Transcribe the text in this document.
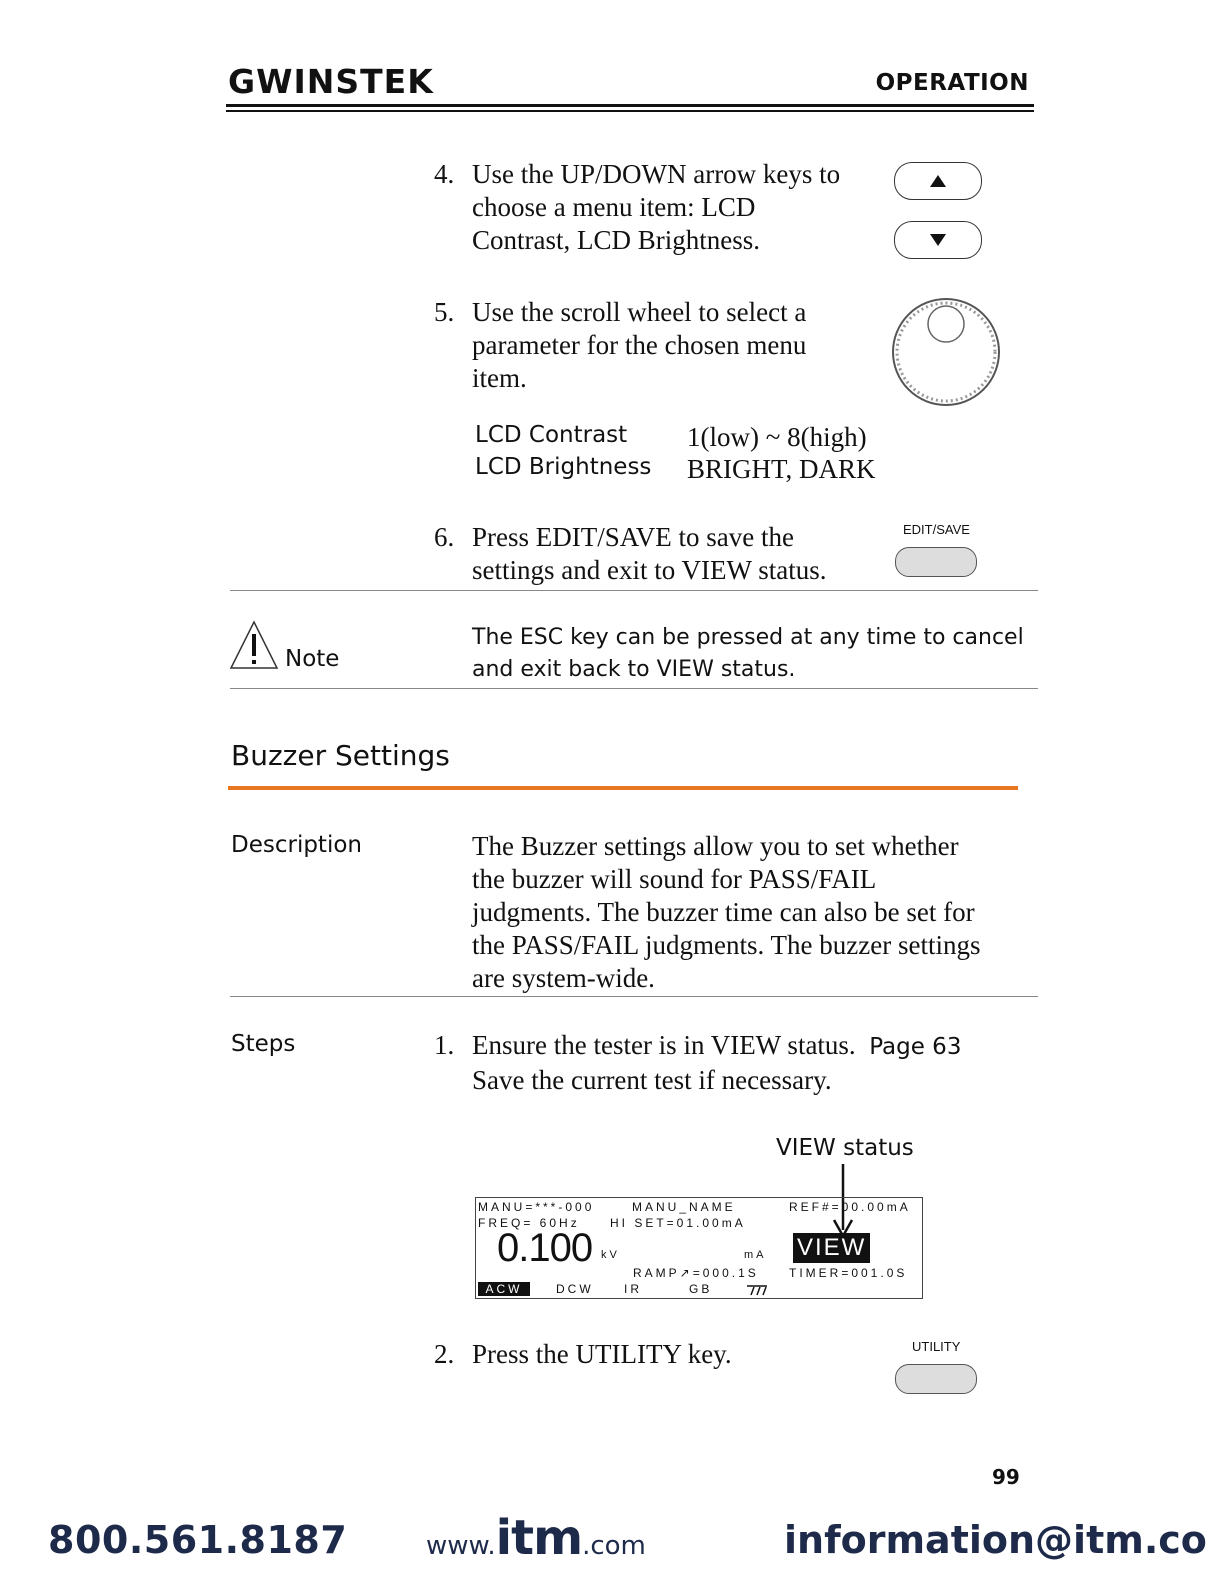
GWINSTEK	OPERATION
4. Use the UP/DOWN arrow keys to
choose a menu item: LCD
Contrast, LCD Brightness.
5. Use the scroll wheel to select a
parameter for the chosen menu
item.
LCD Contrast 1(low) ~ 8(high)
LCD Brightness BRIGHT, DARK
6. Press EDIT/SAVE to save the
settings and exit to VIEW status.
EDIT/SAVE
Note
The ESC key can be pressed at any time to cancel
and exit back to VIEW status.
Buzzer Settings
Description	The Buzzer settings allow you to set whether
the buzzer will sound for PASS/FAIL
judgments. The buzzer time can also be set for
the PASS/FAIL judgments. The buzzer settings
are system-wide.
Steps	1. Ensure the tester is in VIEW status. Page 63
Save the current test if necessary.
VIEW status
MANU=***-000	MANU_NAME	REF#=00.00mA
FREQ= 60Hz	HI SET=01.00mA
0.100 kV	mA VIEW
RAMP↗=000.1S	TIMER=001.0S
ACW	DCW	IR	GB
2. Press the UTILITY key.	UTILITY
99
800.561.8187	www.itm.com	information@itm.co
